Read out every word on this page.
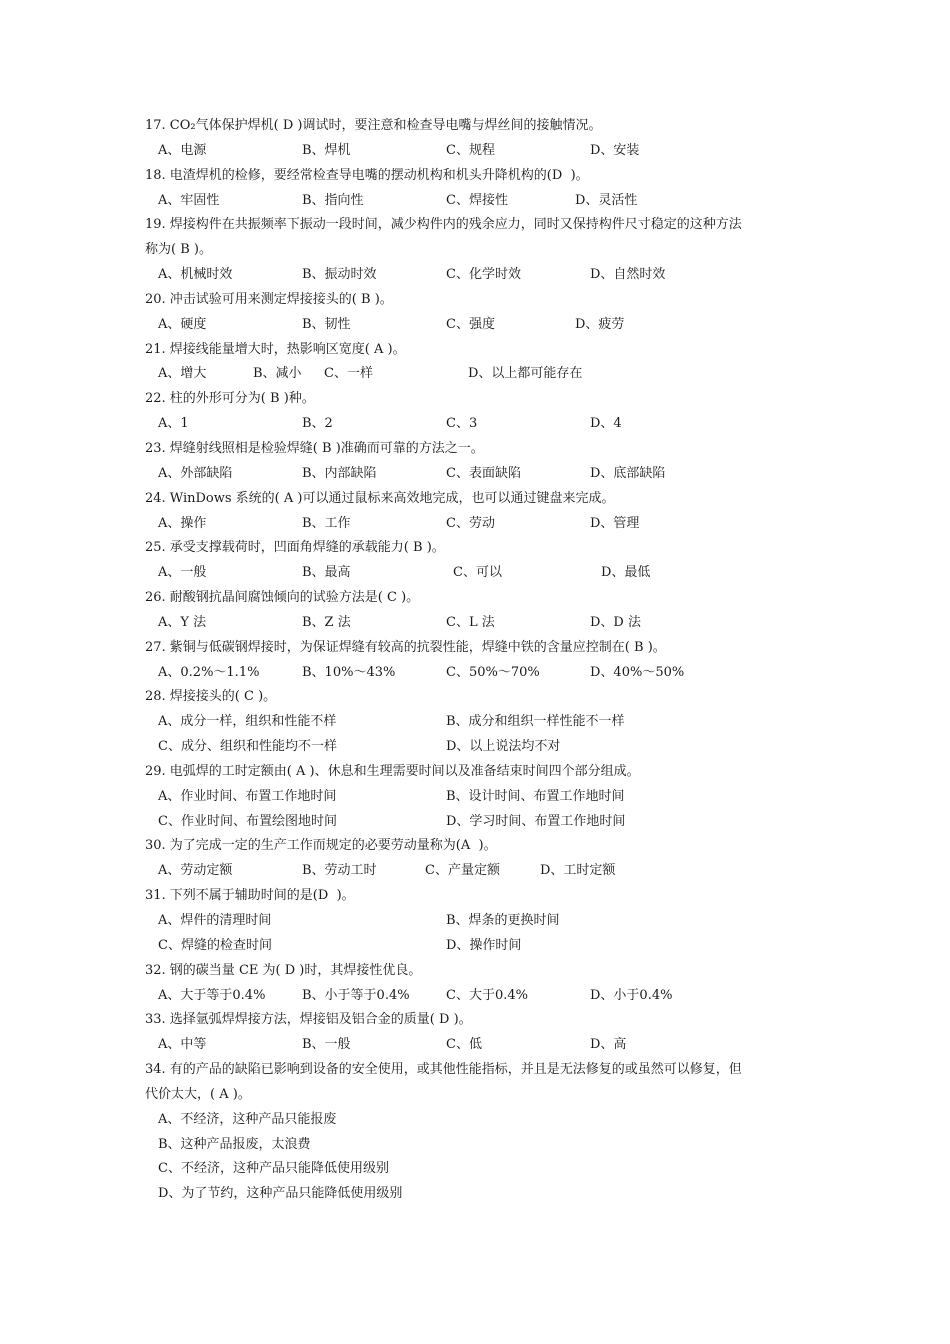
17. CO₂气体保护焊机( D )调试时，要注意和检查导电嘴与焊丝间的接触情况。
A、电源	B、焊机	C、规程	D、安装
18. 电渣焊机的检修，要经常检查导电嘴的摆动机构和机头升降机构的(D  )。
A、牢固性	B、指向性	C、焊接性	D、灵活性
19. 焊接构件在共振频率下振动一段时间，减少构件内的残余应力，同时又保持构件尺寸稳定的这种方法
称为( B )。
A、机械时效	B、振动时效	C、化学时效	D、自然时效
20. 冲击试验可用来测定焊接接头的( B )。
A、硬度	B、韧性	C、强度	D、疲劳
21. 焊接线能量增大时，热影响区宽度( A )。
A、增大	B、减小 C、一样	D、以上都可能存在
22. 柱的外形可分为( B )种。
A、1	B、2	C、3	D、4
23. 焊缝射线照相是检验焊缝( B )准确而可靠的方法之一。
A、外部缺陷	B、内部缺陷	C、表面缺陷	D、底部缺陷
24. WinDows 系统的( A )可以通过鼠标来高效地完成，也可以通过键盘来完成。
A、操作	B、工作	C、劳动	D、管理
25. 承受支撑载荷时，凹面角焊缝的承载能力( B )。
A、一般	B、最高	C、可以	D、最低
26. 耐酸钢抗晶间腐蚀倾向的试验方法是( C )。
A、Y 法	B、Z 法	C、L 法	D、D 法
27. 紫铜与低碳钢焊接时，为保证焊缝有较高的抗裂性能，焊缝中铁的含量应控制在( B )。
A、0.2%～1.1%	B、10%～43%	C、50%～70%	D、40%～50%
28. 焊接接头的( C )。
A、成分一样，组织和性能不样	B、成分和组织一样性能不一样
C、成分、组织和性能均不一样	D、以上说法均不对
29. 电弧焊的工时定额由( A )、休息和生理需要时间以及准备结束时间四个部分组成。
A、作业时间、布置工作地时间	B、设计时间、布置工作地时间
C、作业时间、布置绘图地时间	D、学习时间、布置工作地时间
30. 为了完成一定的生产工作而规定的必要劳动量称为(A  )。
A、劳动定额	B、劳动工时	C、产量定额	D、工时定额
31. 下列不属于辅助时间的是(D  )。
A、焊件的清理时间	B、焊条的更换时间
C、焊缝的检查时间	D、操作时间
32. 钢的碳当量 CE 为( D )时，其焊接性优良。
A、大于等于0.4%	B、小于等于0.4%	C、大于0.4%	D、小于0.4%
33. 选择氩弧焊焊接方法，焊接铝及铝合金的质量( D )。
A、中等	B、一般	C、低	D、高
34. 有的产品的缺陷已影响到设备的安全使用，或其他性能指标，并且是无法修复的或虽然可以修复，但
代价太大，( A )。
A、不经济，这种产品只能报废
B、这种产品报废，太浪费
C、不经济，这种产品只能降低使用级别
D、为了节约，这种产品只能降低使用级别
